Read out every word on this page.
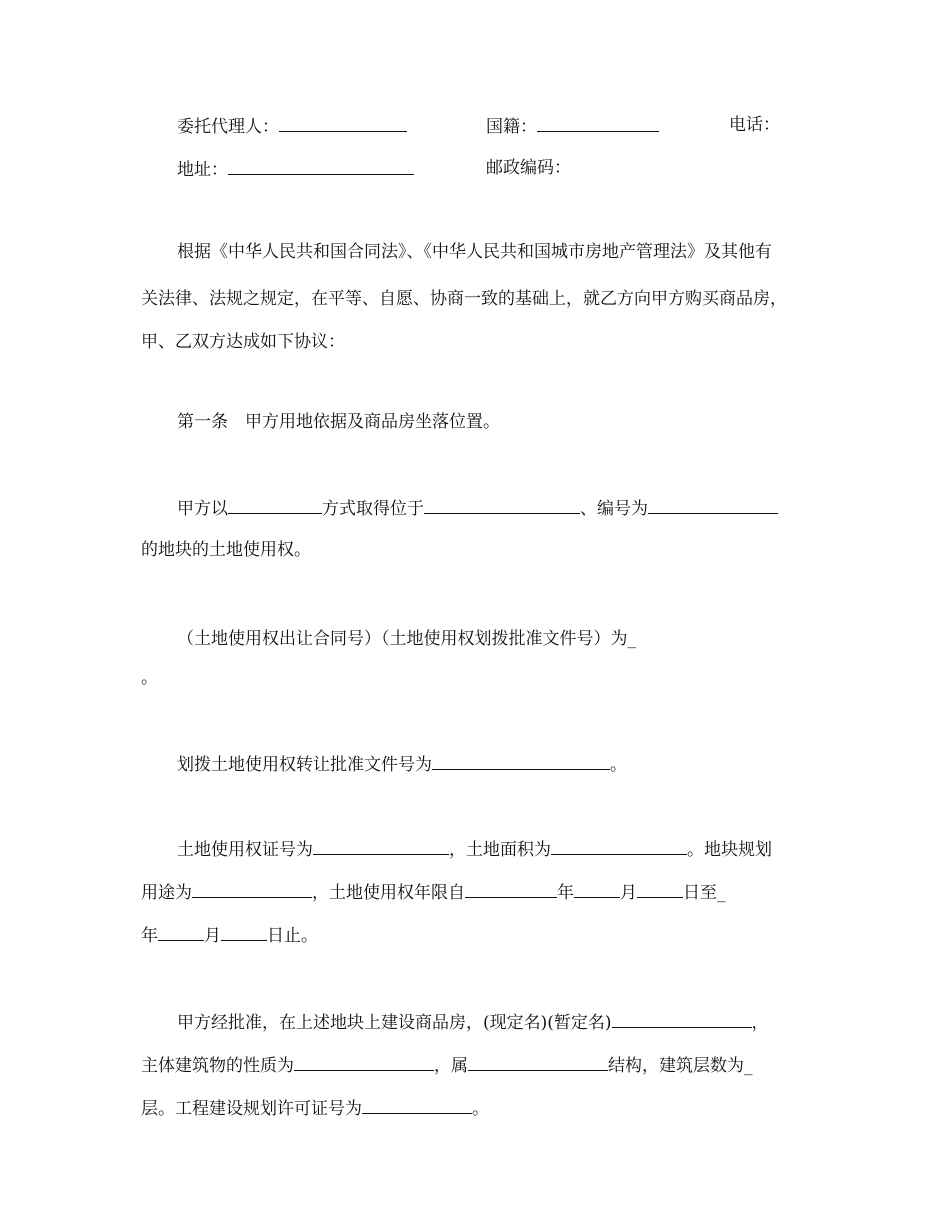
委托代理人：	国籍：	电话：
地址：	邮政编码：
根据《中华人民共和国合同法》、《中华人民共和国城市房地产管理法》及其他有
关法律、法规之规定，在平等、自愿、协商一致的基础上，就乙方向甲方购买商品房，
甲、乙双方达成如下协议：
第一条　甲方用地依据及商品房坐落位置。
甲方以	方式取得位于	、编号为
的地块的土地使用权。
（土地使用权出让合同号）（土地使用权划拨批准文件号）为_
。
划拨土地使用权转让批准文件号为	。
土地使用权证号为	，土地面积为	。地块规划
用途为	，土地使用权年限自	年	月	日至_
年	月	日止。
甲方经批准，在上述地块上建设商品房，(现定名)(暂定名)	，
主体建筑物的性质为	，属	结构，建筑层数为_
层。工程建设规划许可证号为	。
